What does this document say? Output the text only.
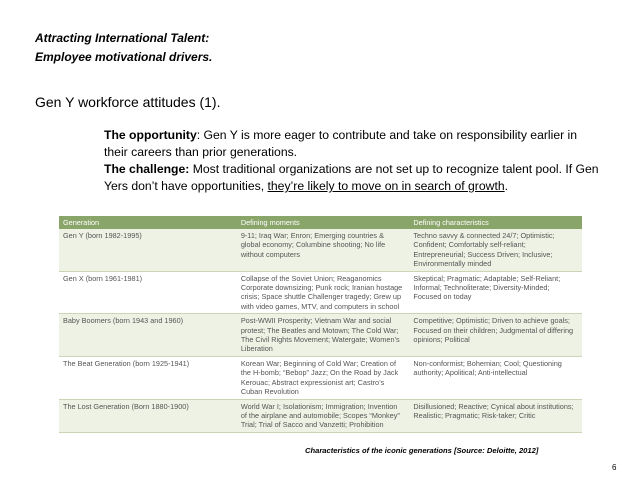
Attracting International Talent:
Employee motivational drivers.
Gen Y workforce attitudes (1).

The opportunity: Gen Y is more eager to contribute and take on responsibility earlier in their careers than prior generations.

The challenge: Most traditional organizations are not set up to recognize talent pool. If Gen Yers don’t have opportunities, they’re likely to move on in search of growth.

Generation	Defining moments	Defining characteristics
Gen Y (born 1982-1995)	9-11; Iraq War; Enron; Emerging countries & global economy; Columbine shooting; No life without computers	Techno savvy & connected 24/7; Optimistic; Confident; Comfortably self-reliant; Entrepreneurial; Success Driven; Inclusive; Environmentally minded
Gen X (born 1961-1981)	Collapse of the Soviet Union; Reaganomics Corporate downsizing; Punk rock; Iranian hostage crisis; Space shuttle Challenger tragedy; Grew up with video games, MTV, and computers in school	Skeptical; Pragmatic; Adaptable; Self-Reliant; Informal; Technoliterate; Diversity-Minded; Focused on today
Baby Boomers (born 1943 and 1960)	Post-WWII Prosperity; Vietnam War and social protest; The Beatles and Motown; The Cold War; The Civil Rights Movement; Watergate; Women’s Liberation	Competitive; Optimistic; Driven to achieve goals; Focused on their children; Judgmental of differing opinions; Political
The Beat Generation (born 1925-1941)	Korean War; Beginning of Cold War; Creation of the H-bomb; “Bebop” Jazz; On the Road by Jack Kerouac; Abstract expressionist art; Castro’s Cuban Revolution	Non-conformist; Bohemian; Cool; Questioning authority; Apolitical; Anti-intellectual
The Lost Generation (Born 1880-1900)	World War I; Isolationism; Immigration; Invention of the airplane and automobile; Scopes “Monkey” Trial; Trial of Sacco and Vanzetti; Prohibition	Disillusioned; Reactive; Cynical about institutions; Realistic; Pragmatic; Risk-taker; Critic
Characteristics of the iconic generations [Source: Deloitte, 2012]
6
